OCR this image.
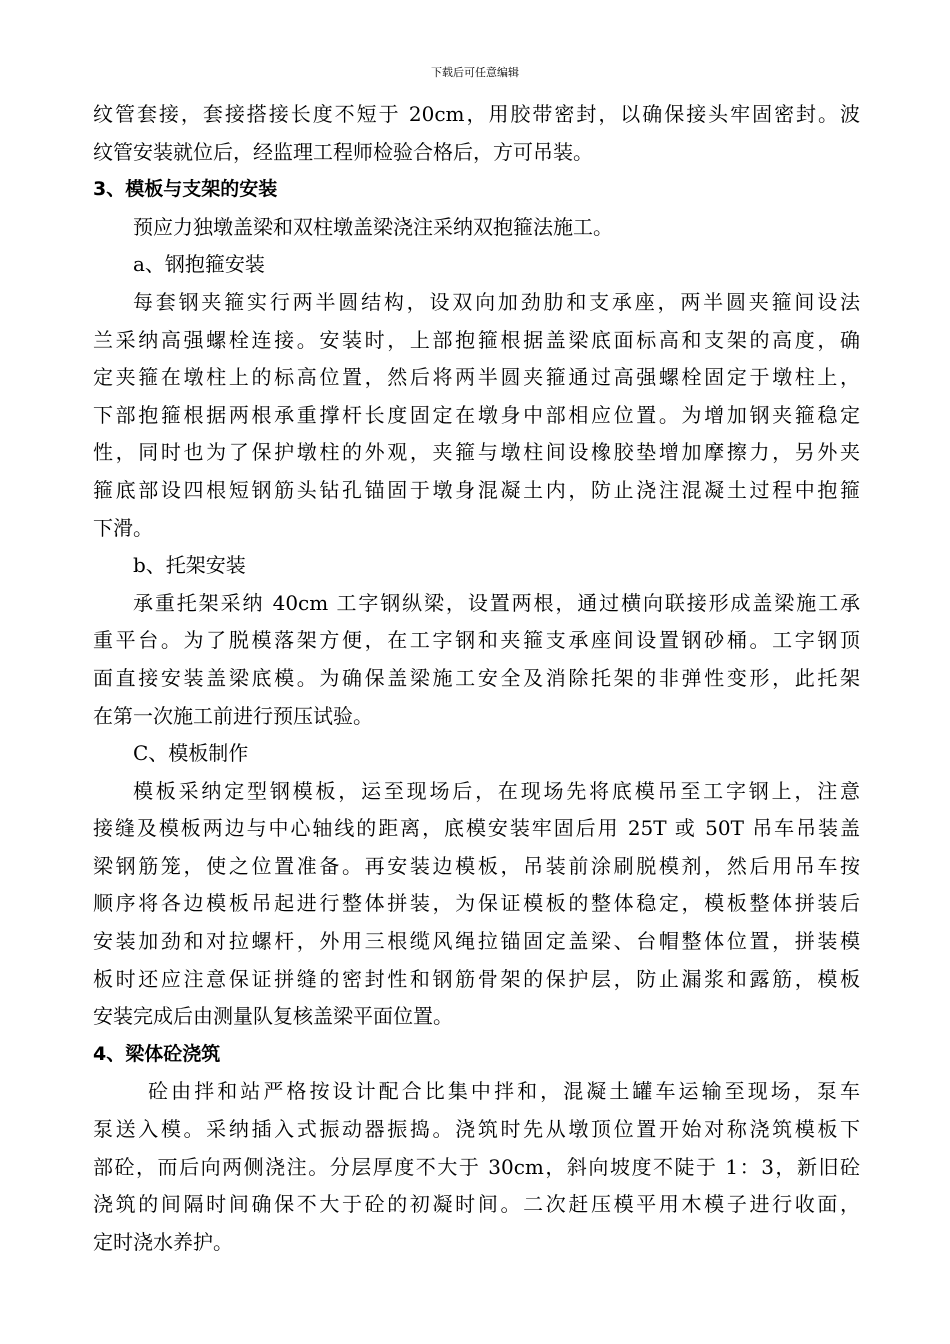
下载后可任意编辑
纹管套接，套接搭接长度不短于 20cm，用胶带密封，以确保接头牢固密封。波
纹管安装就位后，经监理工程师检验合格后，方可吊装。
3、模板与支架的安装
预应力独墩盖梁和双柱墩盖梁浇注采纳双抱箍法施工。
a、钢抱箍安装
每套钢夹箍实行两半圆结构，设双向加劲肋和支承座，两半圆夹箍间设法
兰采纳高强螺栓连接。安装时，上部抱箍根据盖梁底面标高和支架的高度，确
定夹箍在墩柱上的标高位置，然后将两半圆夹箍通过高强螺栓固定于墩柱上，
下部抱箍根据两根承重撑杆长度固定在墩身中部相应位置。为增加钢夹箍稳定
性，同时也为了保护墩柱的外观，夹箍与墩柱间设橡胶垫增加摩擦力，另外夹
箍底部设四根短钢筋头钻孔锚固于墩身混凝土内，防止浇注混凝土过程中抱箍
下滑。
b、托架安装
承重托架采纳 40cm 工字钢纵梁，设置两根，通过横向联接形成盖梁施工承
重平台。为了脱模落架方便，在工字钢和夹箍支承座间设置钢砂桶。工字钢顶
面直接安装盖梁底模。为确保盖梁施工安全及消除托架的非弹性变形，此托架
在第一次施工前进行预压试验。
C、模板制作
模板采纳定型钢模板，运至现场后，在现场先将底模吊至工字钢上，注意
接缝及模板两边与中心轴线的距离，底模安装牢固后用 25T 或 50T 吊车吊装盖
梁钢筋笼，使之位置准备。再安装边模板，吊装前涂刷脱模剂，然后用吊车按
顺序将各边模板吊起进行整体拼装，为保证模板的整体稳定，模板整体拼装后
安装加劲和对拉螺杆，外用三根缆风绳拉锚固定盖梁、台帽整体位置，拼装模
板时还应注意保证拼缝的密封性和钢筋骨架的保护层，防止漏浆和露筋，模板
安装完成后由测量队复核盖梁平面位置。
4、梁体砼浇筑
砼由拌和站严格按设计配合比集中拌和，混凝土罐车运输至现场，泵车
泵送入模。采纳插入式振动器振捣。浇筑时先从墩顶位置开始对称浇筑模板下
部砼，而后向两侧浇注。分层厚度不大于 30cm，斜向坡度不陡于 1：3，新旧砼
浇筑的间隔时间确保不大于砼的初凝时间。二次赶压模平用木模子进行收面，
定时浇水养护。
